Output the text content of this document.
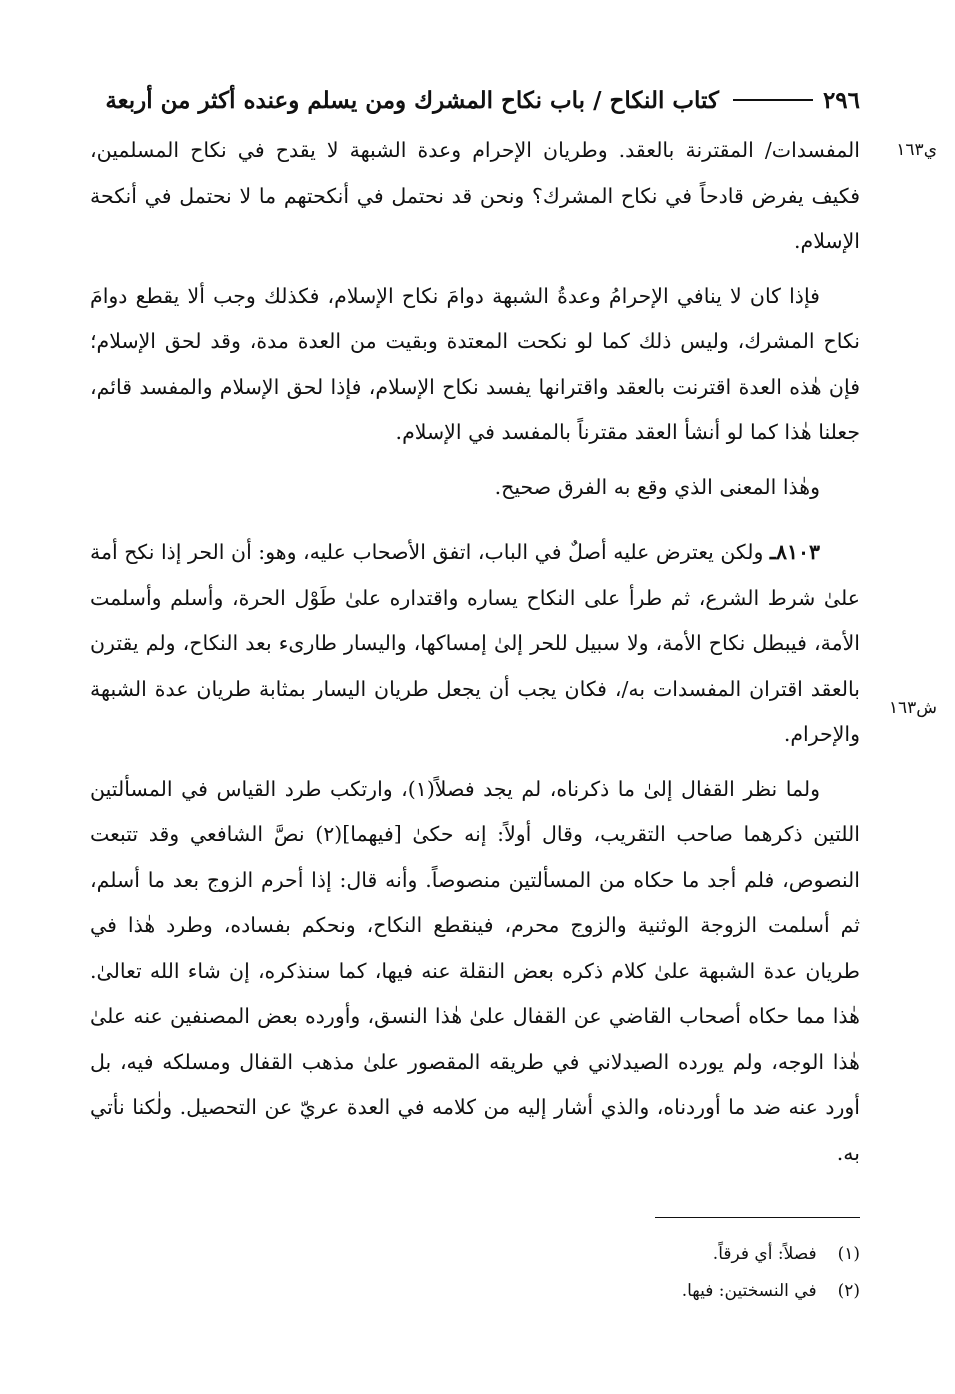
٢٩٦
كتاب النكاح / باب نكاح المشرك ومن يسلم وعنده أكثر من أربعة
ي١٦٣
ش١٦٣

المفسدات/ المقترنة بالعقد. وطريان الإحرام وعدة الشبهة لا يقدح في نكاح المسلمين، فكيف يفرض قادحاً في نكاح المشرك؟ ونحن قد نحتمل في أنكحتهم ما لا نحتمل في أنكحة الإسلام.

فإذا كان لا ينافي الإحرامُ وعدةُ الشبهة دوامَ نكاح الإسلام، فكذلك وجب ألا يقطع دوامَ نكاح المشرك، وليس ذلك كما لو نكحت المعتدة وبقيت من العدة مدة، وقد لحق الإسلام؛ فإن هٰذه العدة اقترنت بالعقد واقترانها يفسد نكاح الإسلام، فإذا لحق الإسلام والمفسد قائم، جعلنا هٰذا كما لو أنشأ العقد مقترناً بالمفسد في الإسلام.

وهٰذا المعنى الذي وقع به الفرق صحيح.

٨١٠٣ـ ولكن يعترض عليه أصلٌ في الباب، اتفق الأصحاب عليه، وهو: أن الحر إذا نكح أمة علىٰ شرط الشرع، ثم طرأ على النكاح يساره واقتداره علىٰ طَوْل الحرة، وأسلم وأسلمت الأمة، فيبطل نكاح الأمة، ولا سبيل للحر إلىٰ إمساكها، واليسار طارىء بعد النكاح، ولم يقترن بالعقد اقتران المفسدات به/، فكان يجب أن يجعل طريان اليسار بمثابة طريان عدة الشبهة والإحرام.

ولما نظر القفال إلىٰ ما ذكرناه، لم يجد فصلاً(١)، وارتكب طرد القياس في المسألتين اللتين ذكرهما صاحب التقريب، وقال أولاً: إنه حكىٰ [فيهما](٢) نصَّ الشافعي وقد تتبعت النصوص، فلم أجد ما حكاه من المسألتين منصوصاً. وأنه قال: إذا أحرم الزوج بعد ما أسلم، ثم أسلمت الزوجة الوثنية والزوج محرم، فينقطع النكاح، ونحكم بفساده، وطرد هٰذا في طريان عدة الشبهة علىٰ كلام ذكره بعض النقلة عنه فيها، كما سنذكره، إن شاء الله تعالىٰ. هٰذا مما حكاه أصحاب القاضي عن القفال علىٰ هٰذا النسق، وأورده بعض المصنفين عنه علىٰ هٰذا الوجه، ولم يورده الصيدلاني في طريقه المقصور علىٰ مذهب القفال ومسلكه فيه، بل أورد عنه ضد ما أوردناه، والذي أشار إليه من كلامه في العدة عريّ عن التحصيل. ولٰكنا نأتي به.

(١) فصلاً: أي فرقاً.
(٢) في النسختين: فيها.
